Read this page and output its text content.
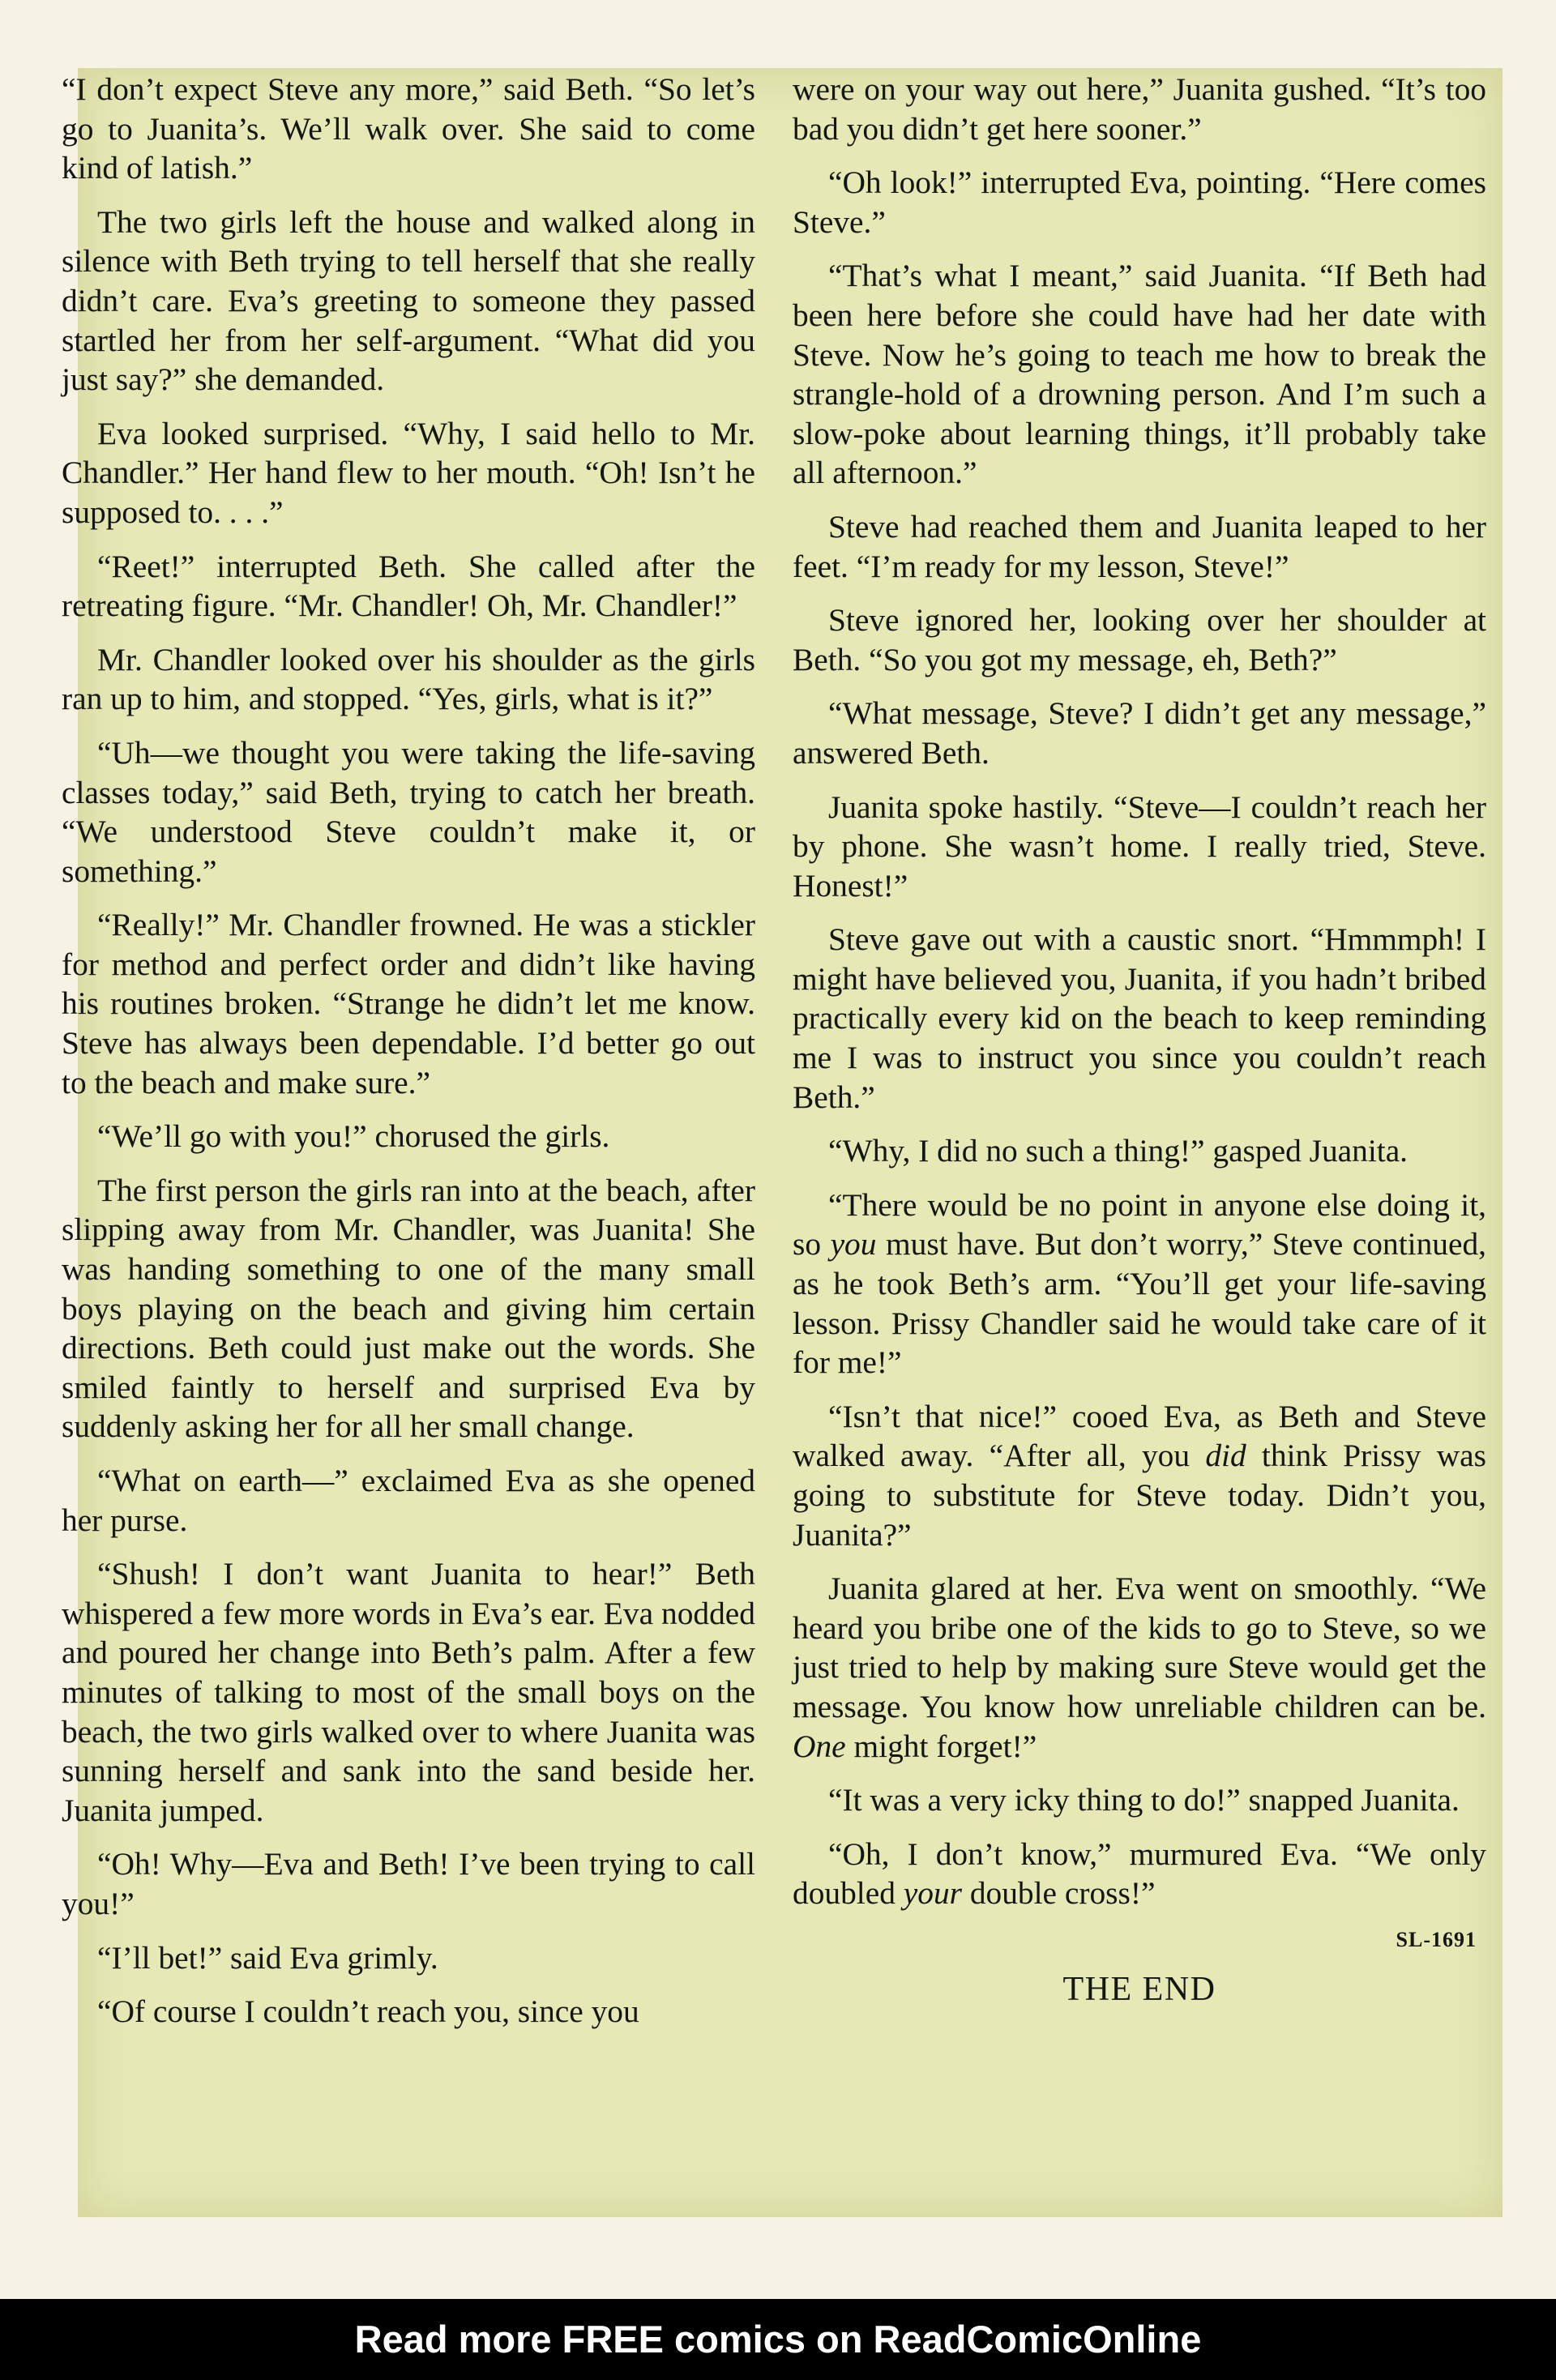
“I don’t expect Steve any more,” said Beth. “So let’s go to Juanita’s. We’ll walk over. She said to come kind of latish.”

The two girls left the house and walked along in silence with Beth trying to tell herself that she really didn’t care. Eva’s greeting to someone they passed startled her from her self-argument. “What did you just say?” she demanded.

Eva looked surprised. “Why, I said hello to Mr. Chandler.” Her hand flew to her mouth. “Oh! Isn’t he supposed to. . . .”

“Reet!” interrupted Beth. She called after the retreating figure. “Mr. Chandler! Oh, Mr. Chandler!”

Mr. Chandler looked over his shoulder as the girls ran up to him, and stopped. “Yes, girls, what is it?”

“Uh—we thought you were taking the life-saving classes today,” said Beth, trying to catch her breath. “We understood Steve couldn’t make it, or something.”

“Really!” Mr. Chandler frowned. He was a stickler for method and perfect order and didn’t like having his routines broken. “Strange he didn’t let me know. Steve has always been dependable. I’d better go out to the beach and make sure.”

“We’ll go with you!” chorused the girls.

The first person the girls ran into at the beach, after slipping away from Mr. Chandler, was Juanita! She was handing something to one of the many small boys playing on the beach and giving him certain directions. Beth could just make out the words. She smiled faintly to herself and surprised Eva by suddenly asking her for all her small change.

“What on earth—” exclaimed Eva as she opened her purse.

“Shush! I don’t want Juanita to hear!” Beth whispered a few more words in Eva’s ear. Eva nodded and poured her change into Beth’s palm. After a few minutes of talking to most of the small boys on the beach, the two girls walked over to where Juanita was sunning herself and sank into the sand beside her. Juanita jumped.

“Oh! Why—Eva and Beth! I’ve been trying to call you!”

“I’ll bet!” said Eva grimly.

“Of course I couldn’t reach you, since you

were on your way out here,” Juanita gushed. “It’s too bad you didn’t get here sooner.”

“Oh look!” interrupted Eva, pointing. “Here comes Steve.”

“That’s what I meant,” said Juanita. “If Beth had been here before she could have had her date with Steve. Now he’s going to teach me how to break the strangle-hold of a drowning person. And I’m such a slow-poke about learning things, it’ll probably take all afternoon.”

Steve had reached them and Juanita leaped to her feet. “I’m ready for my lesson, Steve!”

Steve ignored her, looking over her shoulder at Beth. “So you got my message, eh, Beth?”

“What message, Steve? I didn’t get any message,” answered Beth.

Juanita spoke hastily. “Steve—I couldn’t reach her by phone. She wasn’t home. I really tried, Steve. Honest!”

Steve gave out with a caustic snort. “Hmmmph! I might have believed you, Juanita, if you hadn’t bribed practically every kid on the beach to keep reminding me I was to instruct you since you couldn’t reach Beth.”

“Why, I did no such a thing!” gasped Juanita.

“There would be no point in anyone else doing it, so you must have. But don’t worry,” Steve continued, as he took Beth’s arm. “You’ll get your life-saving lesson. Prissy Chandler said he would take care of it for me!”

“Isn’t that nice!” cooed Eva, as Beth and Steve walked away. “After all, you did think Prissy was going to substitute for Steve today. Didn’t you, Juanita?”

Juanita glared at her. Eva went on smoothly. “We heard you bribe one of the kids to go to Steve, so we just tried to help by making sure Steve would get the message. You know how unreliable children can be. One might forget!”

“It was a very icky thing to do!” snapped Juanita.

“Oh, I don’t know,” murmured Eva. “We only doubled your double cross!”

SL-1691
THE END
Read more FREE comics on ReadComicOnline
